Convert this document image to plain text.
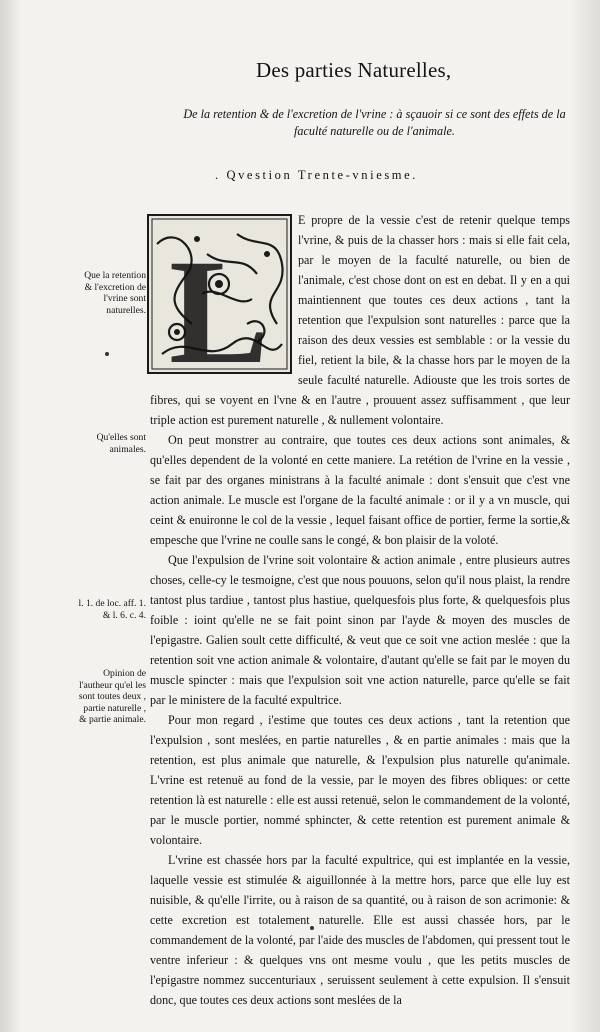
Des parties Naturelles,
De la retention & de l'excretion de l'vrine : à sçauoir si ce sont des effets de la faculté naturelle ou de l'animale.
. Qvestion Trente-vniesme.
L
Que la retention & l'excretion de l'vrine sont naturelles.
Qu'elles sont animales.
l. 1. de loc. aff. 1. & l. 6. c. 4.
Opinion de l'autheur qu'el les sont toutes deux , partie naturelle , & partie animale.

E propre de la vessie c'est de retenir quelque temps l'vrine, & puis de la chasser hors : mais si elle fait cela, par le moyen de la faculté naturelle, ou bien de l'animale, c'est chose dont on est en debat. Il y en a qui maintiennent que toutes ces deux actions , tant la retention que l'expulsion sont naturelles : parce que la raison des deux vessies est semblable : or la vessie du fiel, retient la bile, & la chasse hors par le moyen de la seule faculté naturelle. Adiouste que les trois sortes de fibres, qui se voyent en l'vne & en l'autre , prouuent assez suffisamment , que leur triple action est purement naturelle , & nullement volontaire.

On peut monstrer au contraire, que toutes ces deux actions sont animales, & qu'elles dependent de la volonté en cette maniere. La retétion de l'vrine en la vessie , se fait par des organes ministrans à la faculté animale : dont s'ensuit que c'est vne action animale. Le muscle est l'organe de la faculté animale : or il y a vn muscle, qui ceint & enuironne le col de la vessie , lequel faisant office de portier, ferme la sortie,& empesche que l'vrine ne coulle sans le congé, & bon plaisir de la voloté.

Que l'expulsion de l'vrine soit volontaire & action animale , entre plusieurs autres choses, celle-cy le tesmoigne, c'est que nous pouuons, selon qu'il nous plaist, la rendre tantost plus tardiue , tantost plus hastiue, quelquesfois plus forte, & quelquesfois plus foible : ioint qu'elle ne se fait point sinon par l'ayde & moyen des muscles de l'epigastre. Galien soult cette difficulté, & veut que ce soit vne action meslée : que la retention soit vne action animale & volontaire, d'autant qu'elle se fait par le moyen du muscle spincter : mais que l'expulsion soit vne action naturelle, parce qu'elle se fait par le ministere de la faculté expultrice.

Pour mon regard , i'estime que toutes ces deux actions , tant la retention que l'expulsion , sont meslées, en partie naturelles , & en partie animales : mais que la retention, est plus animale que naturelle, & l'expulsion plus naturelle qu'animale. L'vrine est retenuë au fond de la vessie, par le moyen des fibres obliques: or cette retention là est naturelle : elle est aussi retenuë, selon le commandement de la volonté, par le muscle portier, nommé sphincter, & cette retention est purement animale & volontaire.

L'vrine est chassée hors par la faculté expultrice, qui est implantée en la vessie, laquelle vessie est stimulée & aiguillonnée à la mettre hors, parce que elle luy est nuisible, & qu'elle l'irrite, ou à raison de sa quantité, ou à raison de son acrimonie: & cette excretion est totalement naturelle. Elle est aussi chassée hors, par le commandement de la volonté, par l'aide des muscles de l'abdomen, qui pressent tout le ventre inferieur : & quelques vns ont mesme voulu , que les petits muscles de l'epigastre nommez succenturiaux , seruissent seulement à cette expulsion. Il s'ensuit donc, que toutes ces deux actions sont meslées de la
